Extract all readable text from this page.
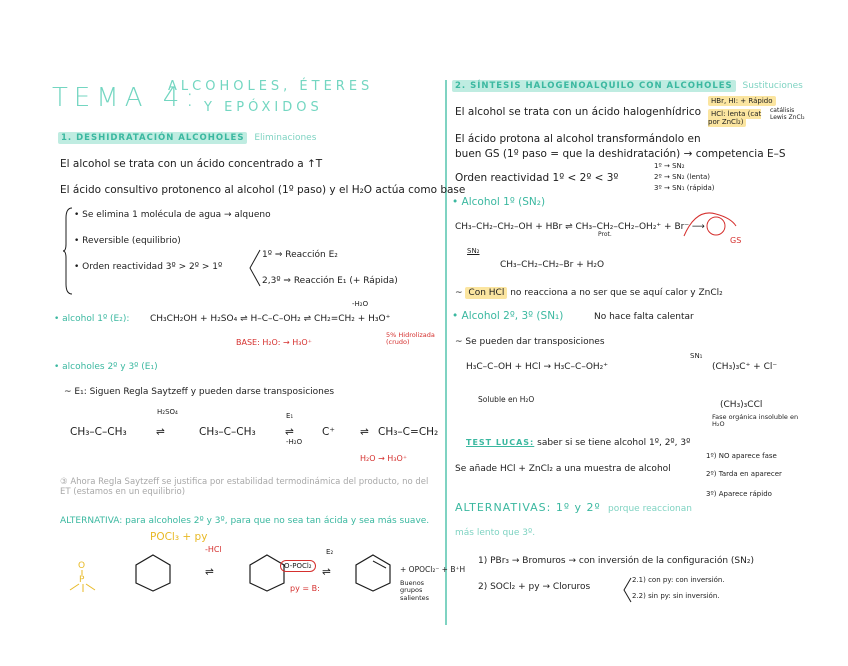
TEMA 4:
ALCOHOLES, ÉTERES
Y EPÓXIDOS
1. DESHIDRATACIÓN ALCOHOLES Eliminaciones
El alcohol se trata con un ácido concentrado a ↑T
El ácido consultivo protonenco al alcohol (1º paso) y el H₂O actúa como base
• Se elimina 1 molécula de agua → alqueno
• Reversible (equilibrio)
• Orden reactividad 3º > 2º > 1º
1º ⇒ Reacción E₂
2,3º ⇒ Reacción E₁ (+ Rápida)
• alcohol 1º (E₂): CH₃CH₂OH + H₂SO₄ ⇌ H–C–C–OH₂ ⇌ CH₂=CH₂ + H₃O⁺
BASE: H₂O: → H₃O⁺
-H₂O
5% Hidrolizada (crudo)
• alcoholes 2º y 3º (E₁)
~ E₁: Siguen Regla Saytzeff y pueden darse transposiciones
H₂SO₄
CH₃–C–CH₃	⇌	CH₃–C–CH₃
E₁
⇌
-H₂O
C⁺ ⇌ CH₃–C=CH₂
H₂O → H₃O⁺
③ Ahora Regla Saytzeff se justifica por estabilidad termodinámica del producto, no del ET (estamos en un equilibrio)
ALTERNATIVA: para alcoholes 2º y 3º, para que no sea tan ácida y sea más suave.
POCl₃ + py
O
P
-HCl
⇌	O-POCl₂
py = B:
E₂
⇌	+ OPOCl₂⁻ + B⁺H
Buenos grupos salientes
2. SÍNTESIS HALOGENOALQUILO CON ALCOHOLES Sustituciones
El alcohol se trata con un ácido halogenhídrico
HBr, HI: + Rápido
HCl: lenta (cat por ZnCl₂)
catálisis Lewis ZnCl₂
El ácido protona al alcohol transformándolo en
buen GS (1º paso = que la deshidratación) → competencia E–S
Orden reactividad 1º < 2º < 3º
1º → SN₂
2º → SN₂ (lenta)
3º → SN₁ (rápida)
• Alcohol 1º (SN₂)
CH₃–CH₂–CH₂–OH + HBr ⇌ CH₃–CH₂–CH₂–OH₂⁺ + Br⁻ ⟶
Prot.
GS
SN₂
CH₃–CH₂–CH₂–Br + H₂O
~ Con HCl no reacciona a no ser que se aquí calor y ZnCl₂
• Alcohol 2º, 3º (SN₁)	No hace falta calentar
~ Se pueden dar transposiciones
H₃C–C–OH + HCl → H₃C–C–OH₂⁺
SN₁
(CH₃)₃C⁺ + Cl⁻
Soluble en H₂O
(CH₃)₃CCl
Fase orgánica insoluble en H₂O
TEST LUCAS: saber si se tiene alcohol 1º, 2º, 3º
Se añade HCl + ZnCl₂ a una muestra de alcohol
1º) NO aparece fase
2º) Tarda en aparecer
3º) Aparece rápido
ALTERNATIVAS: 1º y 2º porque reaccionan
más lento que 3º.
1) PBr₃ → Bromuros → con inversión de la configuración (SN₂)
2) SOCl₂ + py → Cloruros
2.1) con py: con inversión.
2.2) sin py: sin inversión.
